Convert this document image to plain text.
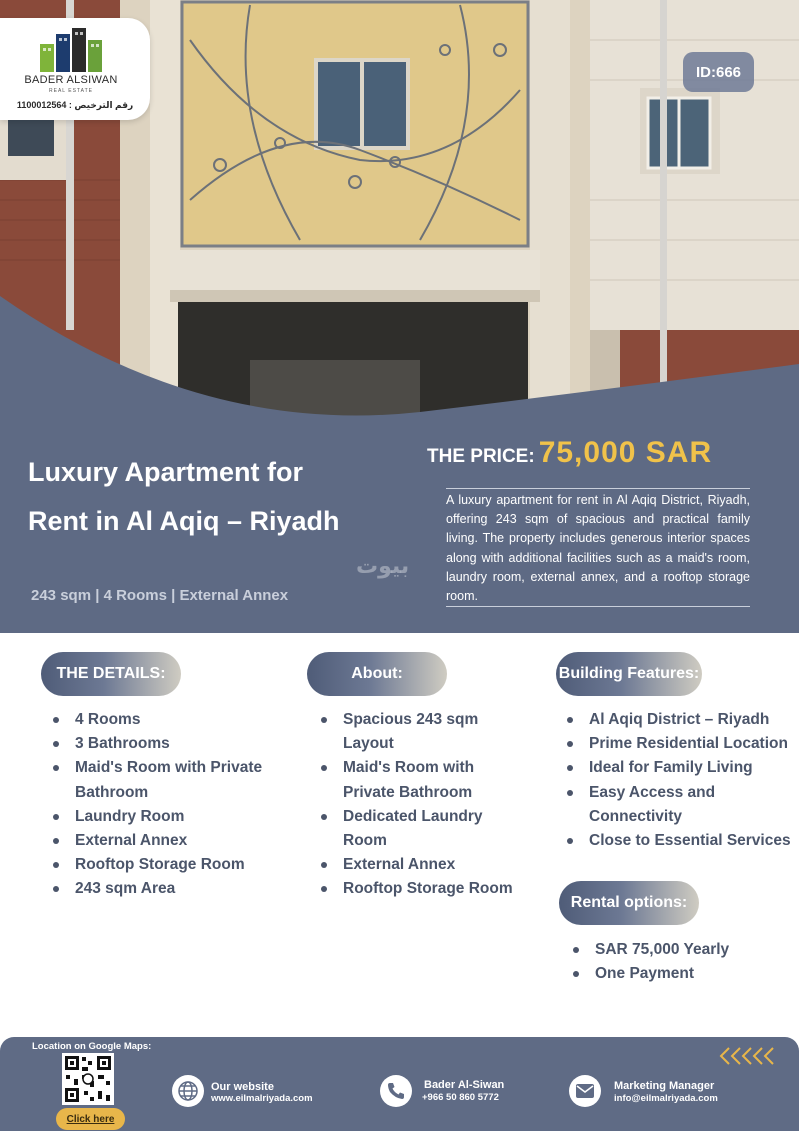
BADER ALSIWAN
REAL ESTATE
رقم الترخيص : 1100012564
ID:666
Luxury Apartment for Rent in Al Aqiq – Riyadh
243 sqm | 4 Rooms | External Annex
THE PRICE: 75,000 SAR
A luxury apartment for rent in Al Aqiq District, Riyadh, offering 243 sqm of spacious and practical family living. The property includes generous interior spaces along with additional facilities such as a maid's room, laundry room, external annex, and a rooftop storage room.
بيوت
THE DETAILS:
4 Rooms
3 Bathrooms
Maid's Room with Private Bathroom
Laundry Room
External Annex
Rooftop Storage Room
243 sqm Area
About:
Spacious 243 sqm Layout
Maid's Room with Private Bathroom
Dedicated Laundry Room
External Annex
Rooftop Storage Room
Building Features:
Al Aqiq District – Riyadh
Prime Residential Location
Ideal for Family Living
Easy Access and Connectivity
Close to Essential Services
Rental options:
SAR 75,000 Yearly
One Payment
Location on Google Maps:
Click here
Our website
www.eilmalriyada.com
Bader Al-Siwan
+966 50 860 5772
Marketing Manager
info@eilmalriyada.com
